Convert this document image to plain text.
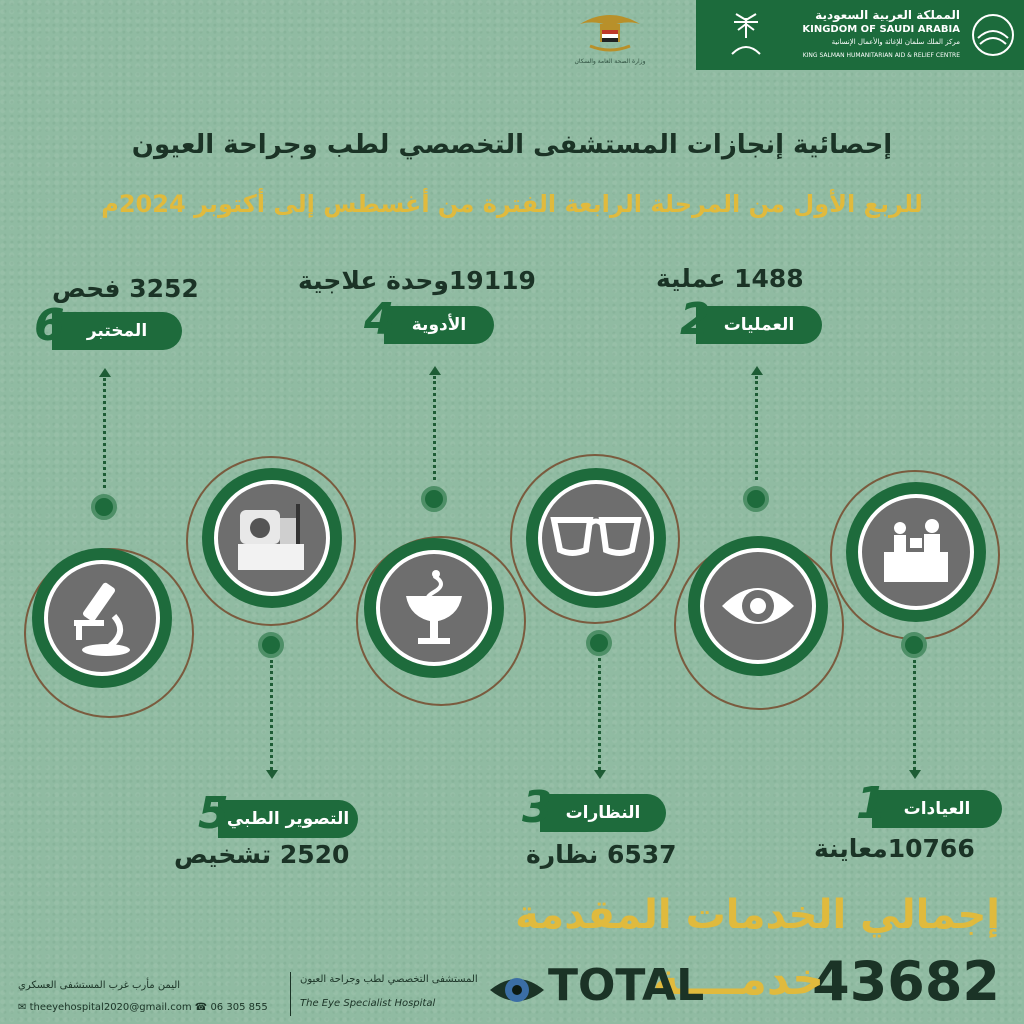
المملكة العربية السعودية
KINGDOM OF SAUDI ARABIA
مركز الملك سلمان للإغاثة والأعمال الإنسانية
KING SALMAN HUMANITARIAN AID & RELIEF CENTRE
وزارة الصحة العامة والسكان
إحصائية إنجازات المستشفى التخصصي لطب وجراحة العيون
للربع الأول من المرحلة الرابعة الفترة من أغسطس إلى أكتوبر 2024م
العيادات
1
10766معاينة
العمليات
2
1488 عملية
النظارات
3
6537 نظارة
الأدوية
4
19119وحدة علاجية
التصوير الطبي
5
2520 تشخيص
المختبر
6
3252 فحص
إجمالي الخدمات المقدمة
43682
خدمــــة
TOTAL
المستشفى التخصصي لطب وجراحة العيون
The Eye Specialist Hospital
اليمن مأرب غرب المستشفى العسكري
✉ theeyehospital2020@gmail.com ☎ 06 305 855
